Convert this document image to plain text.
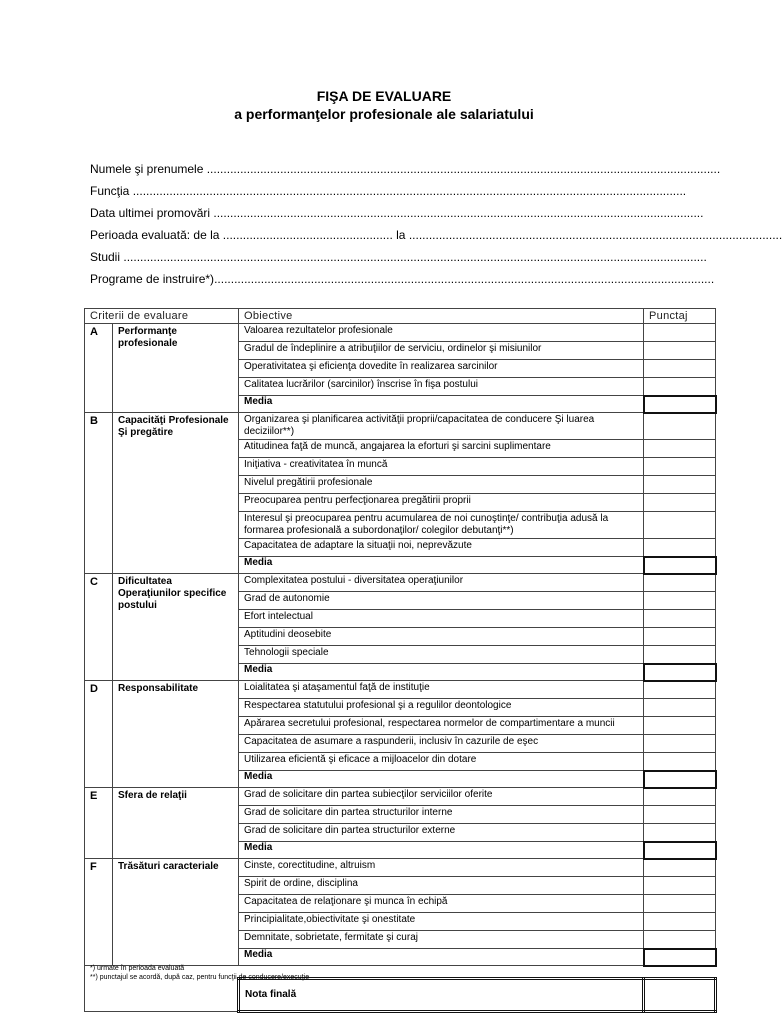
FIŞA DE EVALUARE
a performanţelor profesionale ale salariatului
Numele şi prenumele ..........................................................................................................................................................
Funcţia ......................................................................................................................................................................
Data ultimei promovări ...................................................................................................................................................
Perioada evaluată: de la ................................................... la ................................................................................................................
Studii ...............................................................................................................................................................................
Programe de instruire*)......................................................................................................................................................
Criterii de evaluare		Obiective	Punctaj
A	Performanţe profesionale	Valoarea rezultatelor profesionale	
		Gradul de îndeplinire a atribuţiilor de serviciu, ordinelor şi misiunilor	
		Operativitatea şi eficienţa dovedite în realizarea sarcinilor	
		Calitatea lucrărilor (sarcinilor) înscrise în fişa postului	
		Media	
B	Capacităţi Profesionale Şi pregătire	Organizarea şi planificarea activităţii proprii/capacitatea de conducere Şi luarea deciziilor**)	
		Atitudinea faţă de muncă, angajarea la eforturi şi sarcini suplimentare	
		Iniţiativa - creativitatea în muncă	
		Nivelul pregătirii profesionale	
		Preocuparea pentru perfecţionarea pregătirii proprii	
		Interesul şi preocuparea pentru acumularea de noi cunoştinţe/ contribuţia adusă la formarea profesională a subordonaţilor/ colegilor debutanţi**)	
		Capacitatea de adaptare la situaţii noi, neprevăzute	
		Media	
C	Dificultatea Operaţiunilor specifice postului	Complexitatea postului - diversitatea operaţiunilor	
		Grad de autonomie	
		Efort intelectual	
		Aptitudini deosebite	
		Tehnologii speciale	
		Media	
D	Responsabilitate	Loialitatea şi ataşamentul faţă de instituţie	
		Respectarea statutului profesional şi a regulilor deontologice	
		Apărarea secretului profesional, respectarea normelor de compartimentare a muncii	
		Capacitatea de asumare a raspunderii, inclusiv în cazurile de eşec	
		Utilizarea eficientă şi eficace a mijloacelor din dotare	
		Media	
E	Sfera de relaţii	Grad de solicitare din partea subiecţilor serviciilor oferite	
		Grad de solicitare din partea structurilor interne	
		Grad de solicitare din partea structurilor externe	
		Media	
F	Trăsături caracteriale	Cinste, corectitudine, altruism	
		Spirit de ordine, disciplina	
		Capacitatea de relaţionare şi munca în echipă	
		Principialitate,obiectivitate şi onestitate	
		Demnitate, sobrietate, fermitate şi curaj	
		Media	

		Nota finală	
*) urmate în perioada evaluată
**) punctajul se acordă, după caz, pentru funcţii de conducere/execuţie
